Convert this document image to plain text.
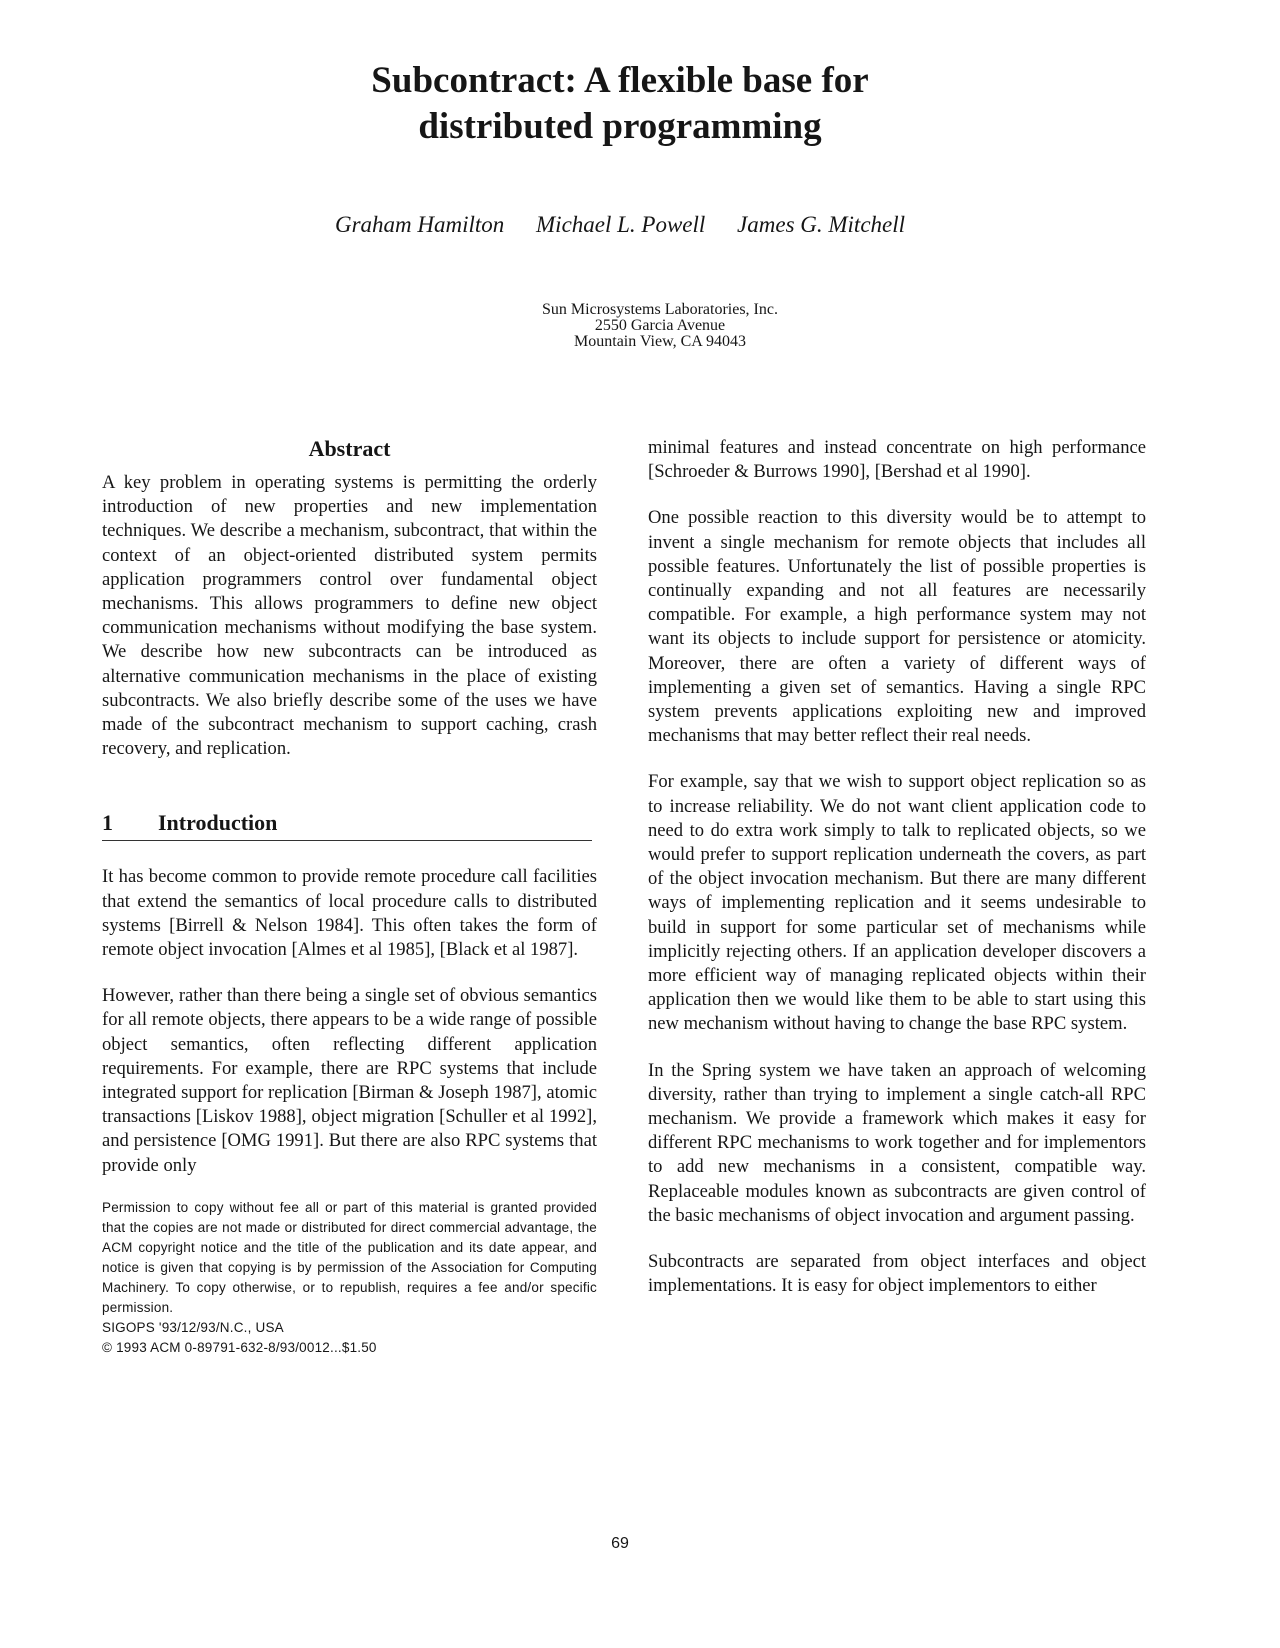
Subcontract: A flexible base for
distributed programming
Graham Hamilton Michael L. Powell James G. Mitchell
Sun Microsystems Laboratories, Inc.
2550 Garcia Avenue
Mountain View, CA 94043
Abstract

A key problem in operating systems is permitting the orderly introduction of new properties and new implementation techniques. We describe a mechanism, subcontract, that within the context of an object-oriented distributed system permits application programmers control over fundamental object mechanisms. This allows programmers to define new object communication mechanisms without modifying the base system. We describe how new subcontracts can be introduced as alternative communication mechanisms in the place of existing subcontracts. We also briefly describe some of the uses we have made of the subcontract mechanism to support caching, crash recovery, and replication.

1 Introduction

It has become common to provide remote procedure call facilities that extend the semantics of local procedure calls to distributed systems [Birrell & Nelson 1984]. This often takes the form of remote object invocation [Almes et al 1985], [Black et al 1987].

However, rather than there being a single set of obvious semantics for all remote objects, there appears to be a wide range of possible object semantics, often reflecting different application requirements. For example, there are RPC systems that include integrated support for replication [Birman & Joseph 1987], atomic transactions [Liskov 1988], object migration [Schuller et al 1992], and persistence [OMG 1991]. But there are also RPC systems that provide only

Permission to copy without fee all or part of this material is granted provided that the copies are not made or distributed for direct commercial advantage, the ACM copyright notice and the title of the publication and its date appear, and notice is given that copying is by permission of the Association for Computing Machinery. To copy otherwise, or to republish, requires a fee and/or specific permission.
SIGOPS '93/12/93/N.C., USA
© 1993 ACM 0-89791-632-8/93/0012...$1.50

minimal features and instead concentrate on high performance [Schroeder & Burrows 1990], [Bershad et al 1990].

One possible reaction to this diversity would be to attempt to invent a single mechanism for remote objects that includes all possible features. Unfortunately the list of possible properties is continually expanding and not all features are necessarily compatible. For example, a high performance system may not want its objects to include support for persistence or atomicity. Moreover, there are often a variety of different ways of implementing a given set of semantics. Having a single RPC system prevents applications exploiting new and improved mechanisms that may better reflect their real needs.

For example, say that we wish to support object replication so as to increase reliability. We do not want client application code to need to do extra work simply to talk to replicated objects, so we would prefer to support replication underneath the covers, as part of the object invocation mechanism. But there are many different ways of implementing replication and it seems undesirable to build in support for some particular set of mechanisms while implicitly rejecting others. If an application developer discovers a more efficient way of managing replicated objects within their application then we would like them to be able to start using this new mechanism without having to change the base RPC system.

In the Spring system we have taken an approach of welcoming diversity, rather than trying to implement a single catch-all RPC mechanism. We provide a framework which makes it easy for different RPC mechanisms to work together and for implementors to add new mechanisms in a consistent, compatible way. Replaceable modules known as subcontracts are given control of the basic mechanisms of object invocation and argument passing.

Subcontracts are separated from object interfaces and object implementations. It is easy for object implementors to either

69
